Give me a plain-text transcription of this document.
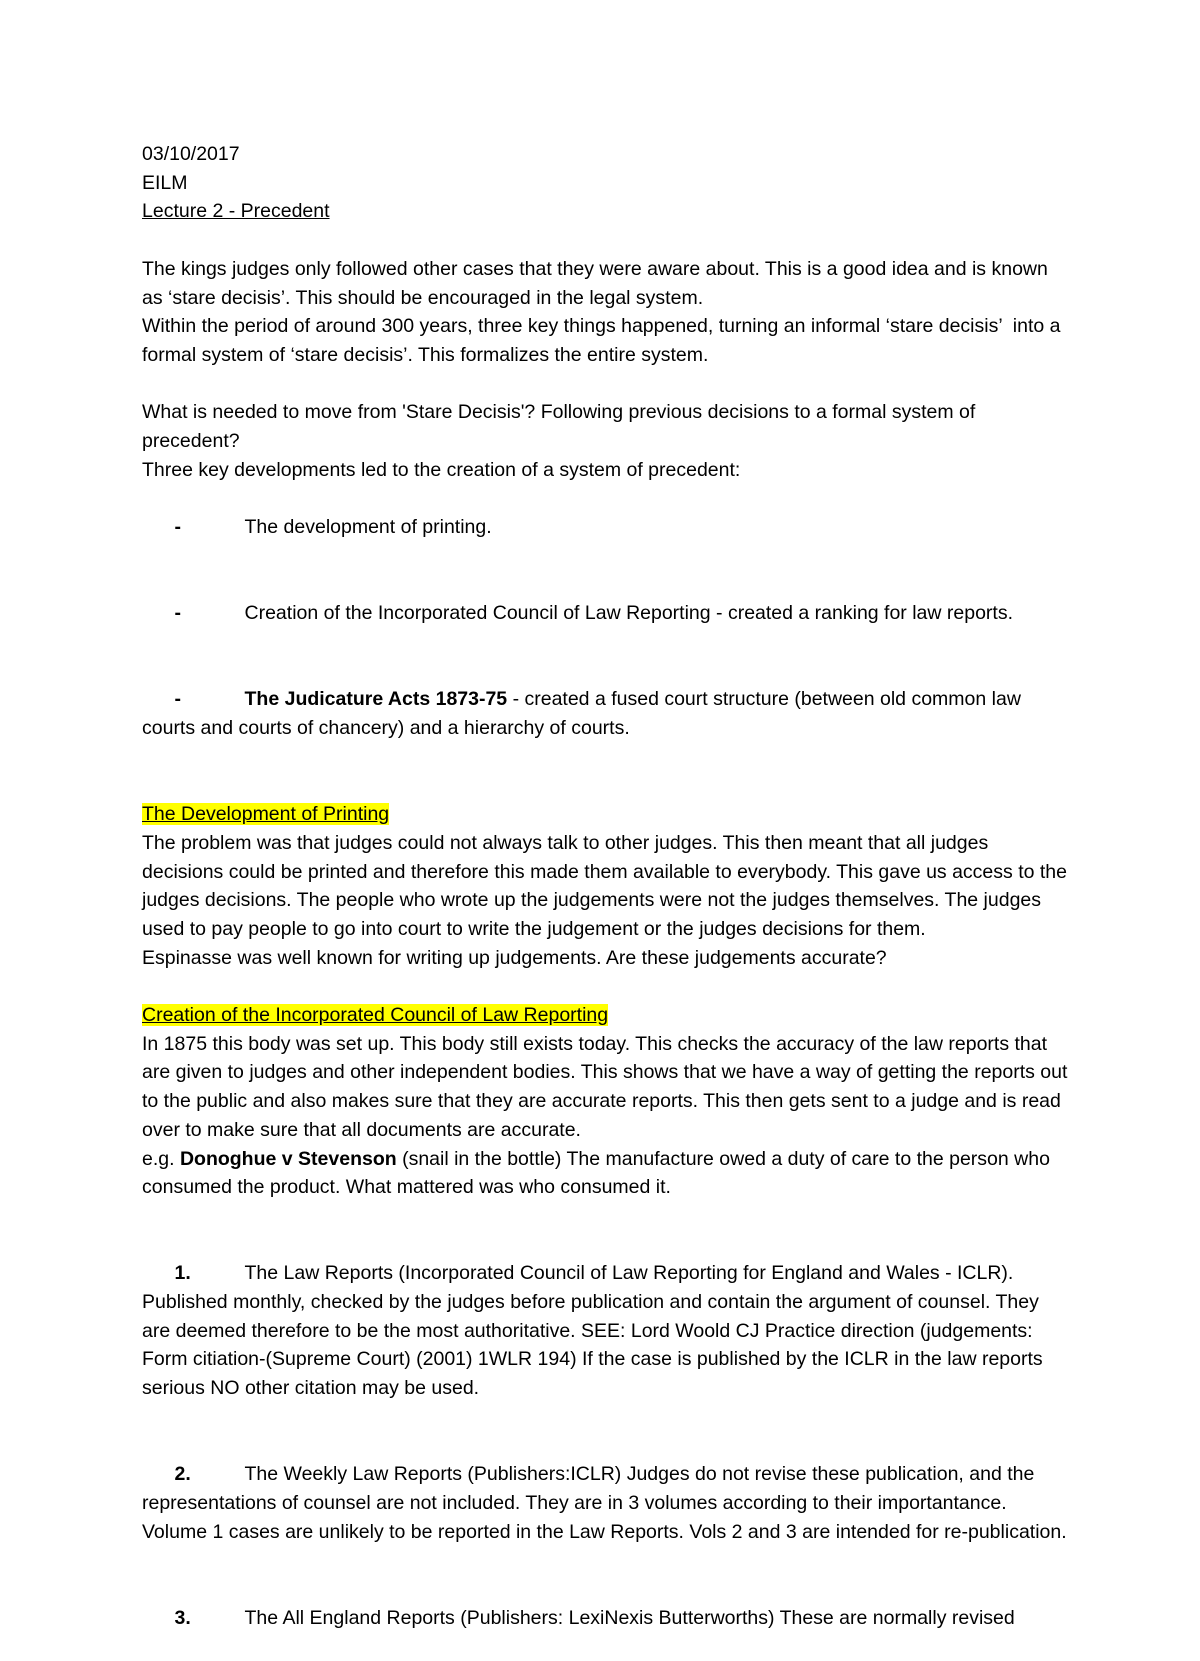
03/10/2017
EILM
Lecture 2 - Precedent
The kings judges only followed other cases that they were aware about. This is a good idea and is known as ‘stare decisis’. This should be encouraged in the legal system.
Within the period of around 300 years, three key things happened, turning an informal ‘stare decisis’  into a formal system of ‘stare decisis’. This formalizes the entire system.
What is needed to move from 'Stare Decisis'? Following previous decisions to a formal system of precedent?
Three key developments led to the creation of a system of precedent:

-	The development of printing.

-	Creation of the Incorporated Council of Law Reporting - created a ranking for law reports.

-	The Judicature Acts 1873-75 - created a fused court structure (between old common law courts and courts of chancery) and a hierarchy of courts.

The Development of Printing
The problem was that judges could not always talk to other judges. This then meant that all judges decisions could be printed and therefore this made them available to everybody. This gave us access to the judges decisions. The people who wrote up the judgements were not the judges themselves. The judges used to pay people to go into court to write the judgement or the judges decisions for them.
Espinasse was well known for writing up judgements. Are these judgements accurate?
Creation of the Incorporated Council of Law Reporting
In 1875 this body was set up. This body still exists today. This checks the accuracy of the law reports that are given to judges and other independent bodies. This shows that we have a way of getting the reports out to the public and also makes sure that they are accurate reports. This then gets sent to a judge and is read over to make sure that all documents are accurate.
e.g. Donoghue v Stevenson (snail in the bottle) The manufacture owed a duty of care to the person who consumed the product. What mattered was who consumed it.

1.	The Law Reports (Incorporated Council of Law Reporting for England and Wales - ICLR). Published monthly, checked by the judges before publication and contain the argument of counsel. They are deemed therefore to be the most authoritative. SEE: Lord Woold CJ Practice direction (judgements: Form citiation-(Supreme Court) (2001) 1WLR 194) If the case is published by the ICLR in the law reports serious NO other citation may be used.

2.	The Weekly Law Reports (Publishers:ICLR) Judges do not revise these publication, and the representations of counsel are not included. They are in 3 volumes according to their importantance. Volume 1 cases are unlikely to be reported in the Law Reports. Vols 2 and 3 are intended for re-publication.

3.	The All England Reports (Publishers: LexiNexis Butterworths) These are normally revised
